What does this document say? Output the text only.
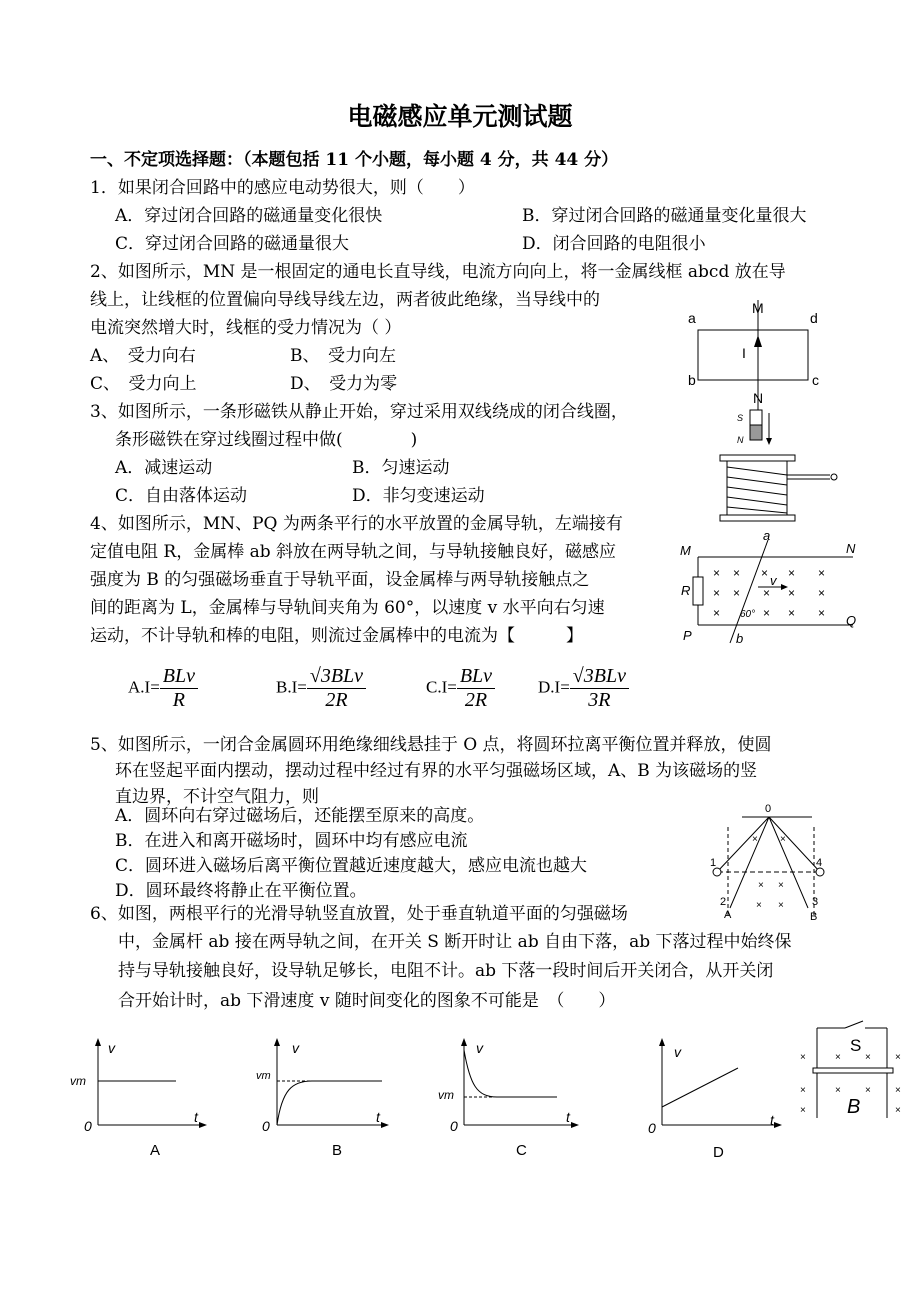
电磁感应单元测试题
一、不定项选择题：（本题包括 11 个小题，每小题 4 分，共 44 分）
1．如果闭合回路中的感应电动势很大，则（　　）
A．穿过闭合回路的磁通量变化很快	B．穿过闭合回路的磁通量变化量很大
C．穿过闭合回路的磁通量很大	D．闭合回路的电阻很小
2、如图所示，MN 是一根固定的通电长直导线，电流方向向上，将一金属线框 abcd 放在导
线上，让线框的位置偏向导线导线左边，两者彼此绝缘，当导线中的
电流突然增大时，线框的受力情况为（ ）
A、　受力向右	B、　受力向左
C、　受力向上	D、　受力为零
M
N
a	d
b	c
I
3、如图所示，一条形磁铁从静止开始，穿过采用双线绕成的闭合线圈，
条形磁铁在穿过线圈过程中做(　　　　)
A．减速运动	B．匀速运动
C．自由落体运动	D．非匀变速运动
S
N
4、如图所示，MN、PQ 为两条平行的水平放置的金属导轨，左端接有
定值电阻 R，金属棒 ab 斜放在两导轨之间，与导轨接触良好，磁感应
强度为 B 的匀强磁场垂直于导轨平面，设金属棒与两导轨接触点之
间的距离为 L，金属棒与导轨间夹角为 60°，以速度 v 水平向右匀速
运动，不计导轨和棒的电阻，则流过金属棒中的电流为【　　　】
× × × × ×
× × × × ×
×	× × ×
M	N
P
Q
R
a
b
v
60°
$A.I= \frac{\text{BLv}}{R}$	$B.I= \frac{\text{√3BLv}}{2R}$	$C.I= \frac{\text{BLv}}{2R}$	$D.I= \frac{\text{√3BLv}}{3R}$
5、如图所示，一闭合金属圆环用绝缘细线悬挂于 O 点，将圆环拉离平衡位置并释放，使圆
环在竖起平面内摆动，摆动过程中经过有界的水平匀强磁场区域，A、B 为该磁场的竖
直边界，不计空气阻力，则
A．圆环向右穿过磁场后，还能摆至原来的高度。
B．在进入和离开磁场时，圆环中均有感应电流
C．圆环进入磁场后离平衡位置越近速度越大，感应电流也越大
D．圆环最终将静止在平衡位置。
× ×
× ×
× ×
0
1
2	3
4
A	B
6、如图，两根平行的光滑导轨竖直放置，处于垂直轨道平面的匀强磁场
中，金属杆 ab 接在两导轨之间，在开关 S 断开时让 ab 自由下落，ab 下落过程中始终保
持与导轨接触良好，设导轨足够长，电阻不计。ab 下落一段时间后开关闭合，从开关闭
合开始计时，ab 下滑速度 v 随时间变化的图象不可能是　（　　）
v
vm
0
t
A
v
vm
0
t
B
v
vm
0
t
C
v
0	t
D
×	× × ×
×	× × ×
×	×
S
B
